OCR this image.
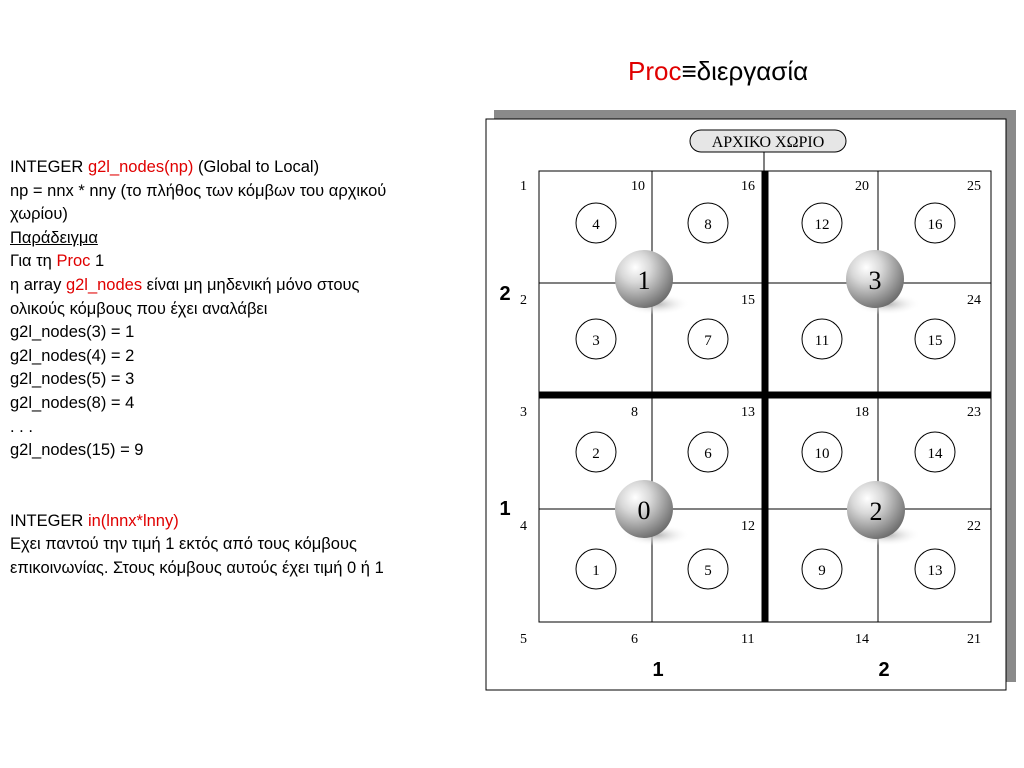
Proc≡διεργασία
INTEGER g2l_nodes(np) (Global to Local)
np = nnx * nny (το πλήθος των κόμβων του αρχικού
χωρίου)
Παράδειγμα
Για τη Proc 1
η array g2l_nodes είναι μη μηδενική μόνο στους
ολικούς κόμβους που έχει αναλάβει
g2l_nodes(3) = 1
g2l_nodes(4) = 2
g2l_nodes(5) = 3
g2l_nodes(8) = 4
. . .
g2l_nodes(15) = 9
INTEGER in(lnnx*lnny)
Εχει παντού την τιμή 1 εκτός από τους κόμβους
επικοινωνίας. Στους κόμβους αυτούς έχει τιμή 0 ή 1
ΑΡΧΙΚΟ ΧΩΡΙΟ
1
2
3
4
5
10
8
6
16
15
13
12
11
20
18
14
25
24
23
22
21
4	8	12	16
3	7	11	15
2	6	10	14
1	5	9	13
1	3
0	2
1	2
2
1
